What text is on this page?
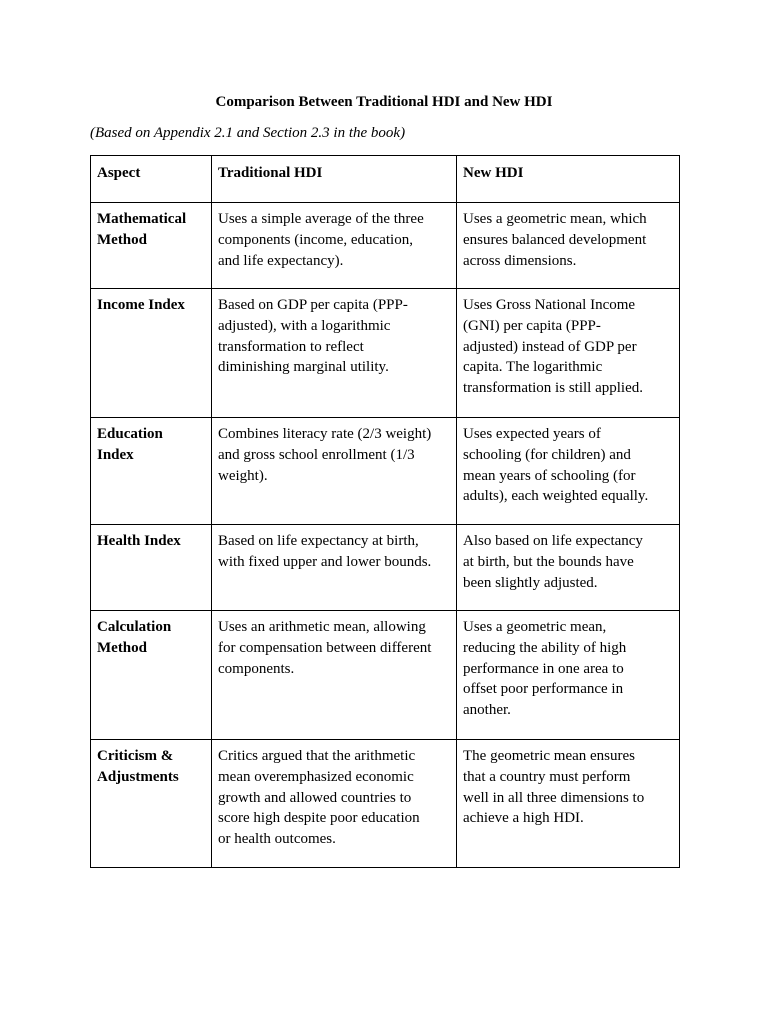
Comparison Between Traditional HDI and New HDI
(Based on Appendix 2.1 and Section 2.3 in the book)
Aspect	Traditional HDI	New HDI

Mathematical
Method	Uses a simple average of the three
components (income, education,
and life expectancy).	Uses a geometric mean, which
ensures balanced development
across dimensions.

Income Index	Based on GDP per capita (PPP-
adjusted), with a logarithmic
transformation to reflect
diminishing marginal utility.	Uses Gross National Income
(GNI) per capita (PPP-
adjusted) instead of GDP per
capita. The logarithmic
transformation is still applied.

Education
Index	Combines literacy rate (2/3 weight)
and gross school enrollment (1/3
weight).	Uses expected years of
schooling (for children) and
mean years of schooling (for
adults), each weighted equally.

Health Index	Based on life expectancy at birth,
with fixed upper and lower bounds.	Also based on life expectancy
at birth, but the bounds have
been slightly adjusted.

Calculation
Method	Uses an arithmetic mean, allowing
for compensation between different
components.	Uses a geometric mean,
reducing the ability of high
performance in one area to
offset poor performance in
another.

Criticism &
Adjustments	Critics argued that the arithmetic
mean overemphasized economic
growth and allowed countries to
score high despite poor education
or health outcomes.	The geometric mean ensures
that a country must perform
well in all three dimensions to
achieve a high HDI.
